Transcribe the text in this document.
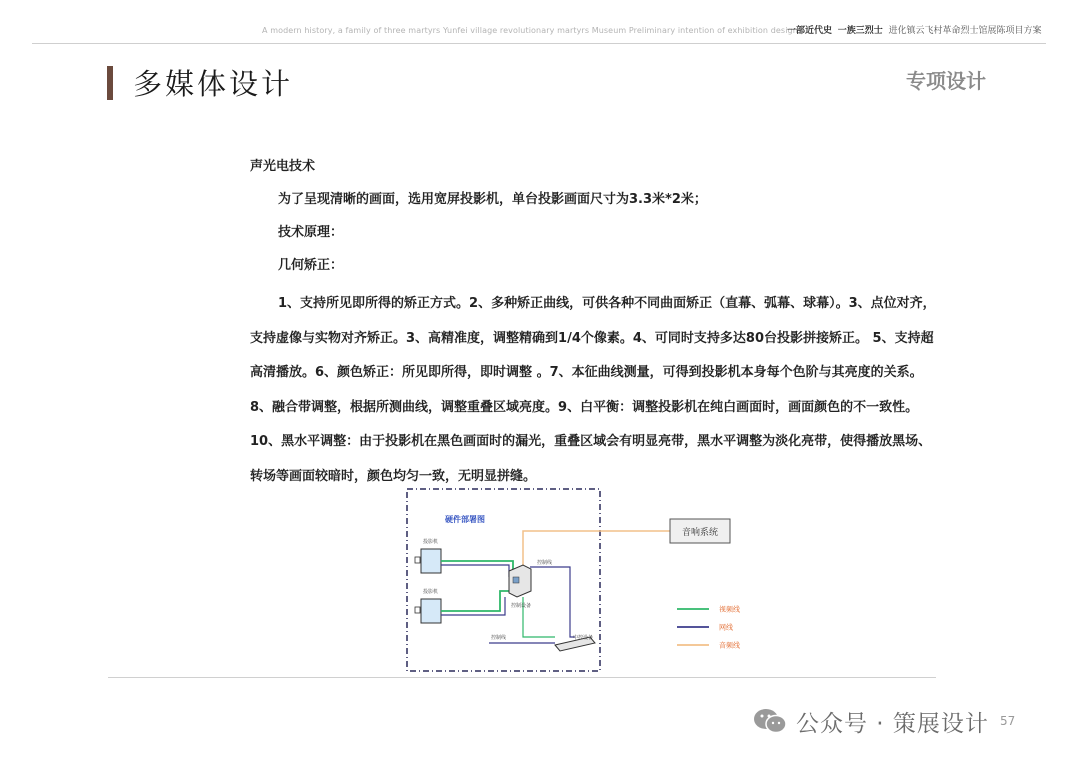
A modern history, a family of three martyrs Yunfei village revolutionary martyrs Museum Preliminary intention of exhibition design
一部近代史 一族三烈士 进化镇云飞村革命烈士馆展陈项目方案
多媒体设计	专项设计

声光电技术

为了呈现清晰的画面，选用宽屏投影机，单台投影画面尺寸为3.3米*2米；

技术原理：

几何矫正：

1、支持所见即所得的矫正方式。2、多种矫正曲线，可供各种不同曲面矫正（直幕、弧幕、球幕）。3、点位对齐，支持虚像与实物对齐矫正。3、高精准度，调整精确到1/4个像素。4、可同时支持多达80台投影拼接矫正。 5、支持超高清播放。6、颜色矫正：所见即所得，即时调整 。7、本征曲线测量，可得到投影机本身每个色阶与其亮度的关系。8、融合带调整，根据所测曲线，调整重叠区域亮度。9、白平衡：调整投影机在纯白画面时，画面颜色的不一致性。10、黑水平调整：由于投影机在黑色画面时的漏光，重叠区域会有明显亮带，黑水平调整为淡化亮带，使得播放黑场、转场等画面较暗时，颜色均匀一致，无明显拼缝。

硬件部署图
音响系统
投影机
投影机
控制设备
控制线
控制线	中控设备
视频线
网线
音频线
公众号 · 策展设计 57
